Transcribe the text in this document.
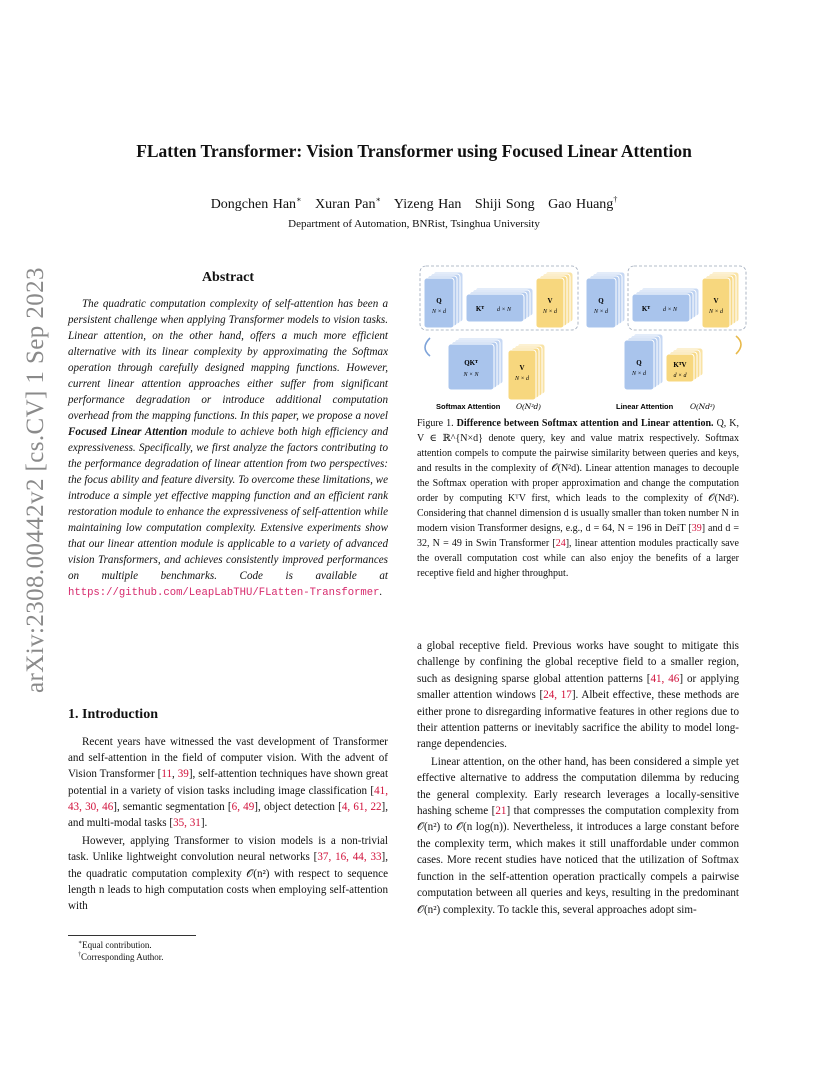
arXiv:2308.00442v2 [cs.CV] 1 Sep 2023
FLatten Transformer: Vision Transformer using Focused Linear Attention
Dongchen Han∗ Xuran Pan∗ Yizeng Han Shiji Song Gao Huang†
Department of Automation, BNRist, Tsinghua University
Abstract
The quadratic computation complexity of self-attention has been a persistent challenge when applying Transformer models to vision tasks. Linear attention, on the other hand, offers a much more efficient alternative with its linear complexity by approximating the Softmax operation through carefully designed mapping functions. However, current linear attention approaches either suffer from significant performance degradation or introduce additional computation overhead from the mapping functions. In this paper, we propose a novel Focused Linear Attention module to achieve both high efficiency and expressiveness. Specifically, we first analyze the factors contributing to the performance degradation of linear attention from two perspectives: the focus ability and feature diversity. To overcome these limitations, we introduce a simple yet effective mapping function and an efficient rank restoration module to enhance the expressiveness of self-attention while maintaining low computation complexity. Extensive experiments show that our linear attention module is applicable to a variety of advanced vision Transformers, and achieves consistently improved performances on multiple benchmarks. Code is available at https://github.com/LeapLabTHU/FLatten-Transformer.
1. Introduction

Recent years have witnessed the vast development of Transformer and self-attention in the field of computer vision. With the advent of Vision Transformer [11, 39], self-attention techniques have shown great potential in a variety of vision tasks including image classification [41, 43, 30, 46], semantic segmentation [6, 49], object detection [4, 61, 22], and multi-modal tasks [35, 31].

However, applying Transformer to vision models is a non-trivial task. Unlike lightweight convolution neural networks [37, 16, 44, 33], the quadratic computation complexity 𝒪(n²) with respect to sequence length n leads to high computation costs when employing self-attention with

∗Equal contribution.
†Corresponding Author.
Q
N × d	Kᵀ d × N
V
N × d
QKᵀ
N × N
V
N × d
Softmax Attention 𝑂(𝑁²𝑑)
Q
N × d	Kᵀ d × N
V
N × d
Q
N × d
KᵀV
d × d
Linear Attention 𝑂(𝑁𝑑²)
Figure 1. Difference between Softmax attention and Linear attention. Q, K, V ∈ ℝ^{N×d} denote query, key and value matrix respectively. Softmax attention compels to compute the pairwise similarity between queries and keys, and results in the complexity of 𝒪(N²d). Linear attention manages to decouple the Softmax operation with proper approximation and change the computation order by computing KᵀV first, which leads to the complexity of 𝒪(Nd²). Considering that channel dimension d is usually smaller than token number N in modern vision Transformer designs, e.g., d = 64, N = 196 in DeiT [39] and d = 32, N = 49 in Swin Transformer [24], linear attention modules practically save the overall computation cost while can also enjoy the benefits of a larger receptive field and higher throughput.

a global receptive field. Previous works have sought to mitigate this challenge by confining the global receptive field to a smaller region, such as designing sparse global attention patterns [41, 46] or applying smaller attention windows [24, 17]. Albeit effective, these methods are either prone to disregarding informative features in other regions due to their attention patterns or inevitably sacrifice the ability to model long-range dependencies.

Linear attention, on the other hand, has been considered a simple yet effective alternative to address the computation dilemma by reducing the general complexity. Early research leverages a locally-sensitive hashing scheme [21] that compresses the computation complexity from 𝒪(n²) to 𝒪(n log(n)). Nevertheless, it introduces a large constant before the complexity term, which makes it still unaffordable under common cases. More recent studies have noticed that the utilization of Softmax function in the self-attention operation practically compels a pairwise computation between all queries and keys, resulting in the predominant 𝒪(n²) complexity. To tackle this, several approaches adopt sim-
